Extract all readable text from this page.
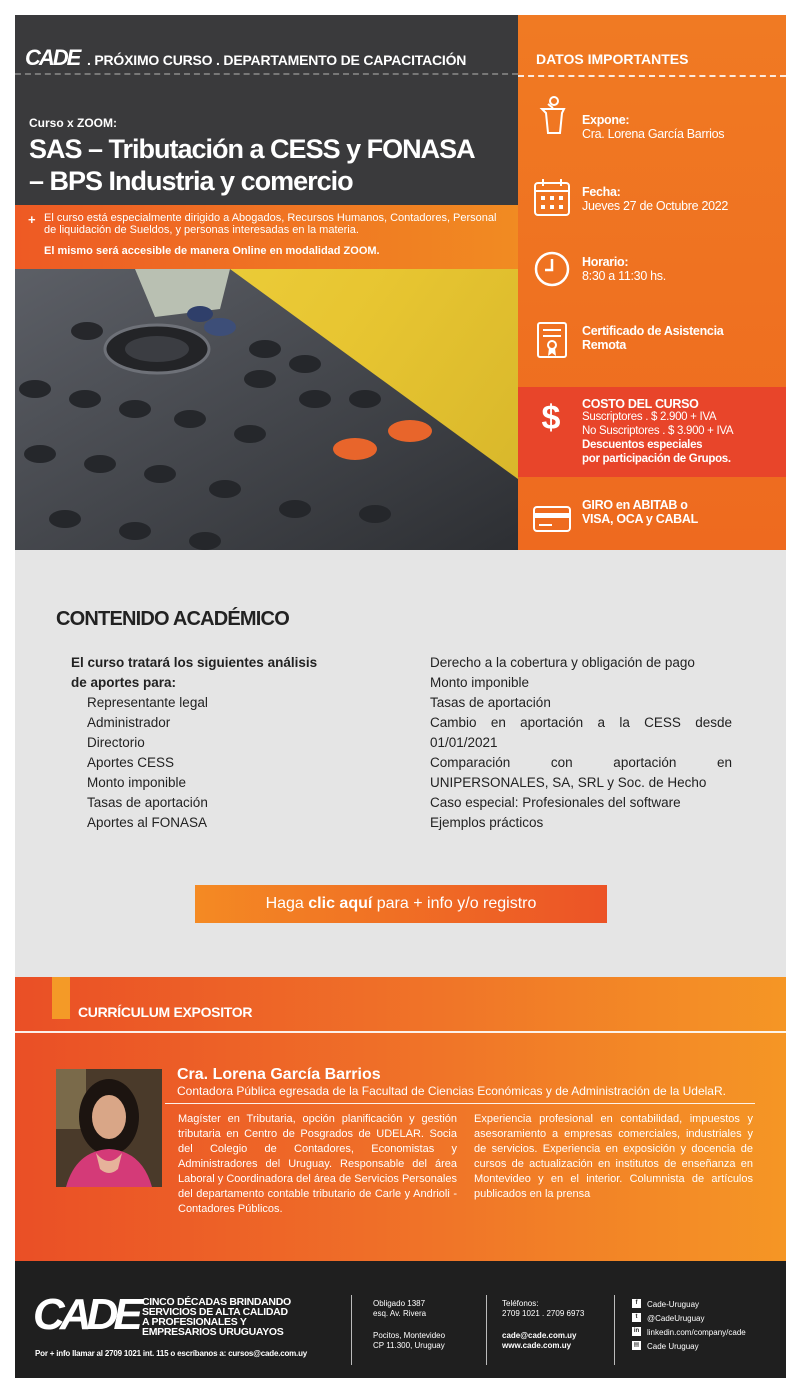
CADE . PRÓXIMO CURSO . DEPARTAMENTO DE CAPACITACIÓN
Curso x ZOOM:
SAS – Tributación a CESS y FONASA
– BPS Industria y comercio
+ El curso está especialmente dirigido a Abogados, Recursos Humanos, Contadores, Personal de liquidación de Sueldos, y personas interesadas en la materia.
El mismo será accesible de manera Online en modalidad ZOOM.
DATOS IMPORTANTES
Expone:
Cra. Lorena García Barrios
Fecha:
Jueves 27 de Octubre 2022
Horario:
8:30 a 11:30 hs.
Certificado de Asistencia
Remota
$ COSTO DEL CURSO
Suscriptores . $ 2.900 + IVA
No Suscriptores . $ 3.900 + IVA
Descuentos especiales
por participación de Grupos.
GIRO en ABITAB o
VISA, OCA y CABAL
CONTENIDO ACADÉMICO
El curso tratará los siguientes análisis
de aportes para:
Representante legal
Administrador
Directorio
Aportes CESS
Monto imponible
Tasas de aportación
Aportes al FONASA
Derecho a la cobertura y obligación de pago
Monto imponible
Tasas de aportación
Cambio en aportación a la CESS desde 01/01/2021
Comparación con aportación en UNIPERSONALES, SA, SRL y Soc. de Hecho
Caso especial: Profesionales del software
Ejemplos prácticos
Haga clic aquí para + info y/o registro
CURRÍCULUM EXPOSITOR
Cra. Lorena García Barrios
Contadora Pública egresada de la Facultad de Ciencias Económicas y de Administración de la UdelaR.
Magíster en Tributaria, opción planificación y gestión tributaria en Centro de Posgrados de UDELAR. Socia del Colegio de Contadores, Economistas y Administradores del Uruguay. Responsable del área Laboral y Coordinadora del área de Servicios Personales del departamento contable tributario de Carle y Andrioli - Contadores Públicos.
Experiencia profesional en contabilidad, impuestos y asesoramiento a empresas comerciales, industriales y de servicios. Experiencia en exposición y docencia de cursos de actualización en institutos de enseñanza en Montevideo y en el interior. Columnista de artículos publicados en la prensa
CADE CINCO DÉCADAS BRINDANDO
SERVICIOS DE ALTA CALIDAD
A PROFESIONALES Y
EMPRESARIOS URUGUAYOS
Por + info llamar al 2709 1021 int. 115 o escríbanos a: cursos@cade.com.uy
Obligado 1387
esq. Av. Rivera
Pocitos, Montevideo
CP 11.300, Uruguay
Teléfonos:
2709 1021 . 2709 6973
cade@cade.com.uy
www.cade.com.uy
f	Cade-Uruguay
t	@CadeUruguay
in linkedin.com/company/cade
▤ Cade Uruguay
